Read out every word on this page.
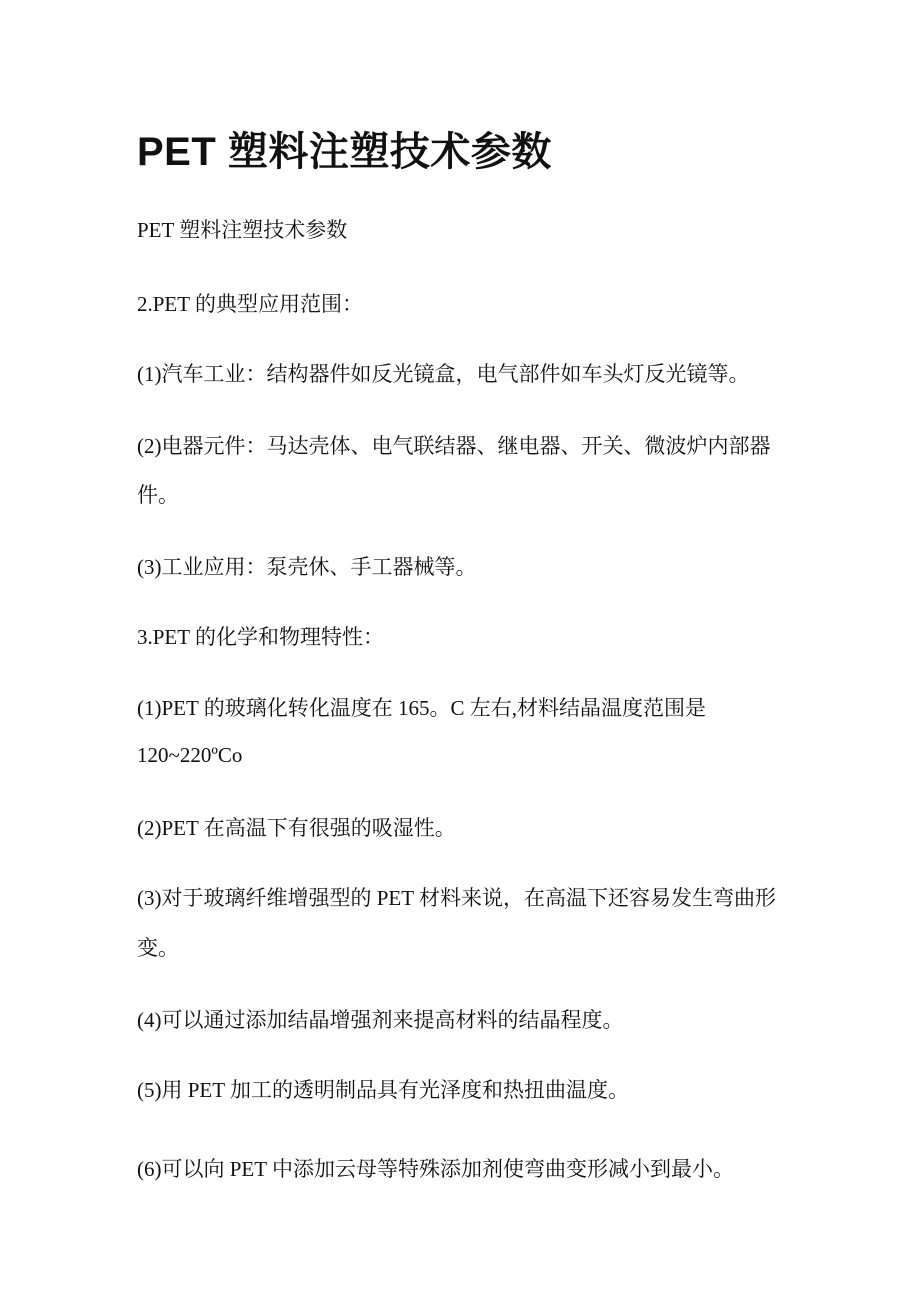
PET 塑料注塑技术参数

PET 塑料注塑技术参数

2.PET 的典型应用范围：

(1)汽车工业：结构器件如反光镜盒，电气部件如车头灯反光镜等。

(2)电器元件：马达壳体、电气联结器、继电器、开关、微波炉内部器

件。

(3)工业应用：泵壳休、手工器械等。

3.PET 的化学和物理特性：

(1)PET 的玻璃化转化温度在 165。C 左右,材料结晶温度范围是

120~220ºCo

(2)PET 在高温下有很强的吸湿性。

(3)对于玻璃纤维增强型的 PET 材料来说，在高温下还容易发生弯曲形

变。

(4)可以通过添加结晶增强剂来提高材料的结晶程度。

(5)用 PET 加工的透明制品具有光泽度和热扭曲温度。

(6)可以向 PET 中添加云母等特殊添加剂使弯曲变形减小到最小。
